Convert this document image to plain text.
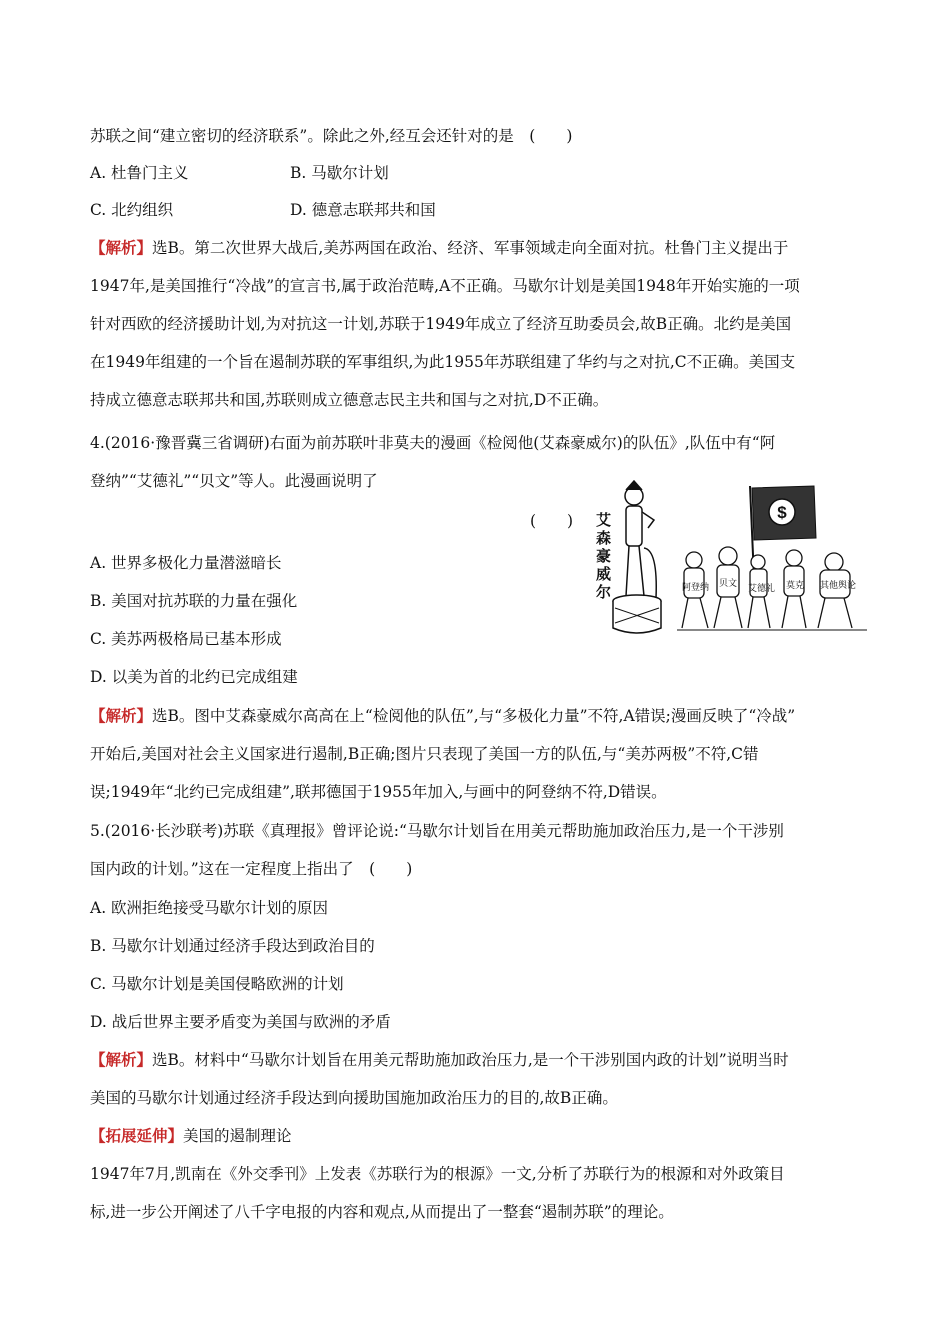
苏联之间“建立密切的经济联系”。除此之外,经互会还针对的是　(　　)
A. 杜鲁门主义	B. 马歇尔计划
C. 北约组织	D. 德意志联邦共和国
【解析】选B。第二次世界大战后,美苏两国在政治、经济、军事领域走向全面对抗。杜鲁门主义提出于
1947年,是美国推行“冷战”的宣言书,属于政治范畴,A不正确。马歇尔计划是美国1948年开始实施的一项
针对西欧的经济援助计划,为对抗这一计划,苏联于1949年成立了经济互助委员会,故B正确。北约是美国
在1949年组建的一个旨在遏制苏联的军事组织,为此1955年苏联组建了华约与之对抗,C不正确。美国支
持成立德意志联邦共和国,苏联则成立德意志民主共和国与之对抗,D不正确。
4.(2016·豫晋冀三省调研)右面为前苏联叶非莫夫的漫画《检阅他(艾森豪威尔)的队伍》,队伍中有“阿
登纳”“艾德礼”“贝文”等人。此漫画说明了
(　　)
A. 世界多极化力量潜滋暗长
B. 美国对抗苏联的力量在强化
C. 美苏两极格局已基本形成
D. 以美为首的北约已完成组建
艾
森
豪
威
尔
$
阿登纳 贝文 艾德礼 莫克 其他舆论
【解析】选B。图中艾森豪威尔高高在上“检阅他的队伍”,与“多极化力量”不符,A错误;漫画反映了“冷战”
开始后,美国对社会主义国家进行遏制,B正确;图片只表现了美国一方的队伍,与“美苏两极”不符,C错
误;1949年“北约已完成组建”,联邦德国于1955年加入,与画中的阿登纳不符,D错误。
5.(2016·长沙联考)苏联《真理报》曾评论说:“马歇尔计划旨在用美元帮助施加政治压力,是一个干涉别
国内政的计划。”这在一定程度上指出了　(　　)
A. 欧洲拒绝接受马歇尔计划的原因
B. 马歇尔计划通过经济手段达到政治目的
C. 马歇尔计划是美国侵略欧洲的计划
D. 战后世界主要矛盾变为美国与欧洲的矛盾
【解析】选B。材料中“马歇尔计划旨在用美元帮助施加政治压力,是一个干涉别国内政的计划”说明当时
美国的马歇尔计划通过经济手段达到向援助国施加政治压力的目的,故B正确。
【拓展延伸】美国的遏制理论
1947年7月,凯南在《外交季刊》上发表《苏联行为的根源》一文,分析了苏联行为的根源和对外政策目
标,进一步公开阐述了八千字电报的内容和观点,从而提出了一整套“遏制苏联”的理论。
